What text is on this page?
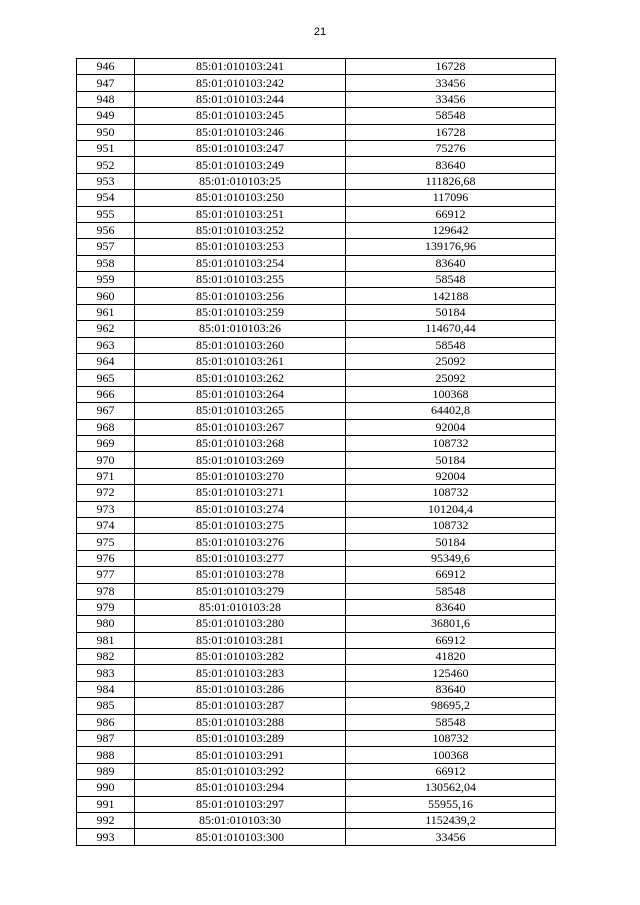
21
946	85:01:010103:241	16728
947	85:01:010103:242	33456
948	85:01:010103:244	33456
949	85:01:010103:245	58548
950	85:01:010103:246	16728
951	85:01:010103:247	75276
952	85:01:010103:249	83640
953	85:01:010103:25	111826,68
954	85:01:010103:250	117096
955	85:01:010103:251	66912
956	85:01:010103:252	129642
957	85:01:010103:253	139176,96
958	85:01:010103:254	83640
959	85:01:010103:255	58548
960	85:01:010103:256	142188
961	85:01:010103:259	50184
962	85:01:010103:26	114670,44
963	85:01:010103:260	58548
964	85:01:010103:261	25092
965	85:01:010103:262	25092
966	85:01:010103:264	100368
967	85:01:010103:265	64402,8
968	85:01:010103:267	92004
969	85:01:010103:268	108732
970	85:01:010103:269	50184
971	85:01:010103:270	92004
972	85:01:010103:271	108732
973	85:01:010103:274	101204,4
974	85:01:010103:275	108732
975	85:01:010103:276	50184
976	85:01:010103:277	95349,6
977	85:01:010103:278	66912
978	85:01:010103:279	58548
979	85:01:010103:28	83640
980	85:01:010103:280	36801,6
981	85:01:010103:281	66912
982	85:01:010103:282	41820
983	85:01:010103:283	125460
984	85:01:010103:286	83640
985	85:01:010103:287	98695,2
986	85:01:010103:288	58548
987	85:01:010103:289	108732
988	85:01:010103:291	100368
989	85:01:010103:292	66912
990	85:01:010103:294	130562,04
991	85:01:010103:297	55955,16
992	85:01:010103:30	1152439,2
993	85:01:010103:300	33456
